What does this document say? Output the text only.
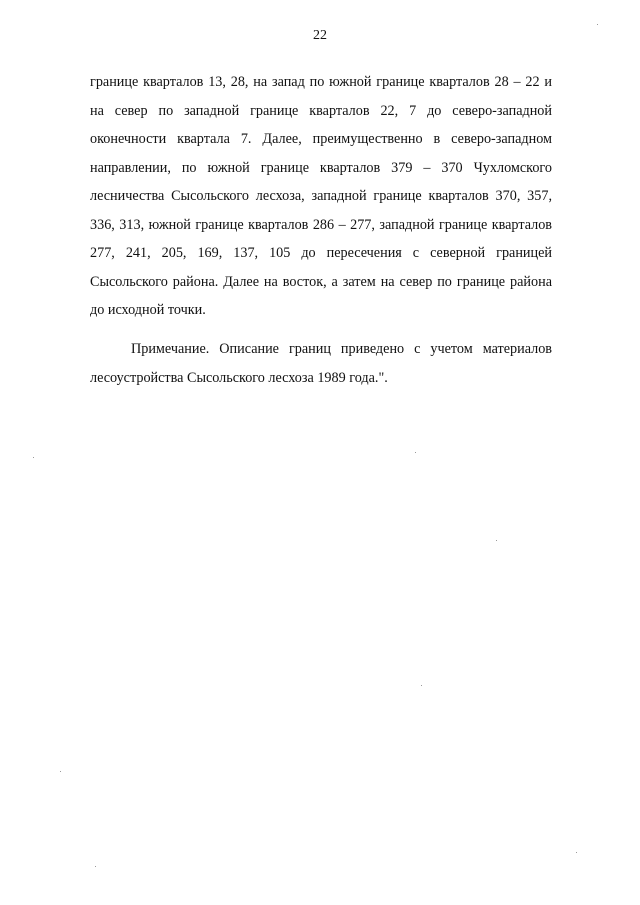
22
границе кварталов 13, 28, на запад по южной границе кварталов 28 – 22 и
на север по западной границе кварталов 22, 7 до северо-западной
оконечности квартала 7. Далее, преимущественно в северо-западном
направлении, по южной границе кварталов 379 – 370 Чухломского
лесничества Сысольского лесхоза, западной границе кварталов 370, 357,
336, 313, южной границе кварталов 286 – 277, западной границе кварталов
277, 241, 205, 169, 137, 105 до пересечения с северной границей
Сысольского района. Далее на восток, а затем на север по границе района
до исходной точки.
Примечание. Описание границ приведено с учетом материалов
лесоустройства Сысольского лесхоза 1989 года.".
